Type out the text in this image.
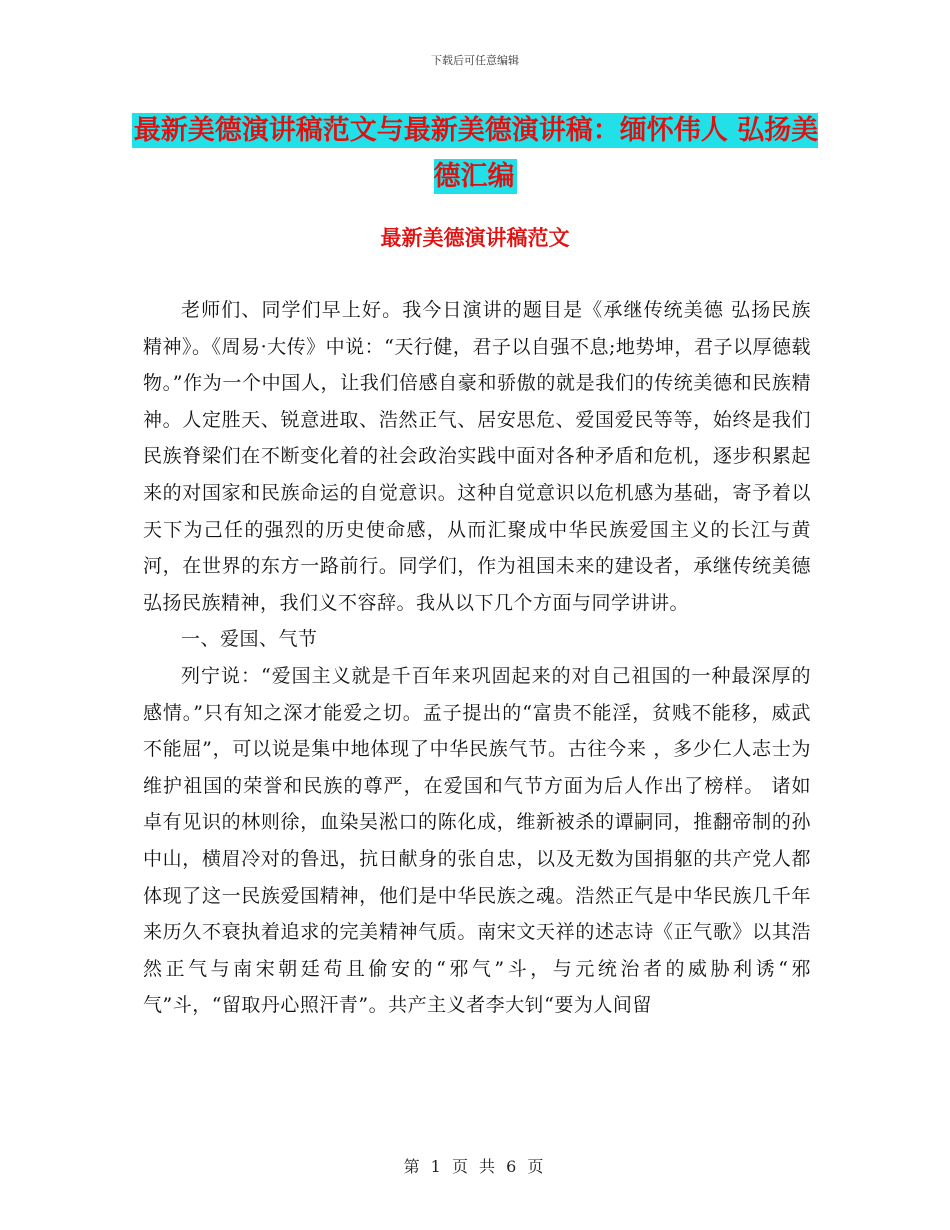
下载后可任意编辑
最新美德演讲稿范文与最新美德演讲稿：缅怀伟人 弘扬美德汇编
最新美德演讲稿范文

老师们、同学们早上好。我今日演讲的题目是《承继传统美德 弘扬民族精神》。《周易·大传》中说：“天行健，君子以自强不息;地势坤，君子以厚德载物。”作为一个中国人，让我们倍感自豪和骄傲的就是我们的传统美德和民族精神。人定胜天、锐意进取、浩然正气、居安思危、爱国爱民等等，始终是我们民族脊梁们在不断变化着的社会政治实践中面对各种矛盾和危机，逐步积累起来的对国家和民族命运的自觉意识。这种自觉意识以危机感为基础，寄予着以天下为己任的强烈的历史使命感，从而汇聚成中华民族爱国主义的长江与黄河，在世界的东方一路前行。同学们，作为祖国未来的建设者，承继传统美德 弘扬民族精神，我们义不容辞。我从以下几个方面与同学讲讲。

一、爱国、气节

列宁说：“爱国主义就是千百年来巩固起来的对自己祖国的一种最深厚的感情。”只有知之深才能爱之切。孟子提出的“富贵不能淫，贫贱不能移，威武不能屈”，可以说是集中地体现了中华民族气节。古往今来 ，多少仁人志士为维护祖国的荣誉和民族的尊严，在爱国和气节方面为后人作出了榜样。 诸如卓有见识的林则徐，血染吴淞口的陈化成，维新被杀的谭嗣同，推翻帝制的孙中山，横眉冷对的鲁迅，抗日献身的张自忠，以及无数为国捐躯的共产党人都体现了这一民族爱国精神，他们是中华民族之魂。浩然正气是中华民族几千年来历久不衰执着追求的完美精神气质。南宋文天祥的述志诗《正气歌》以其浩然正气与南宋朝廷苟且偷安的“邪气”斗，与元统治者的威胁利诱“邪气”斗，“留取丹心照汗青”。共产主义者李大钊“要为人间留

第 1 页 共 6 页
